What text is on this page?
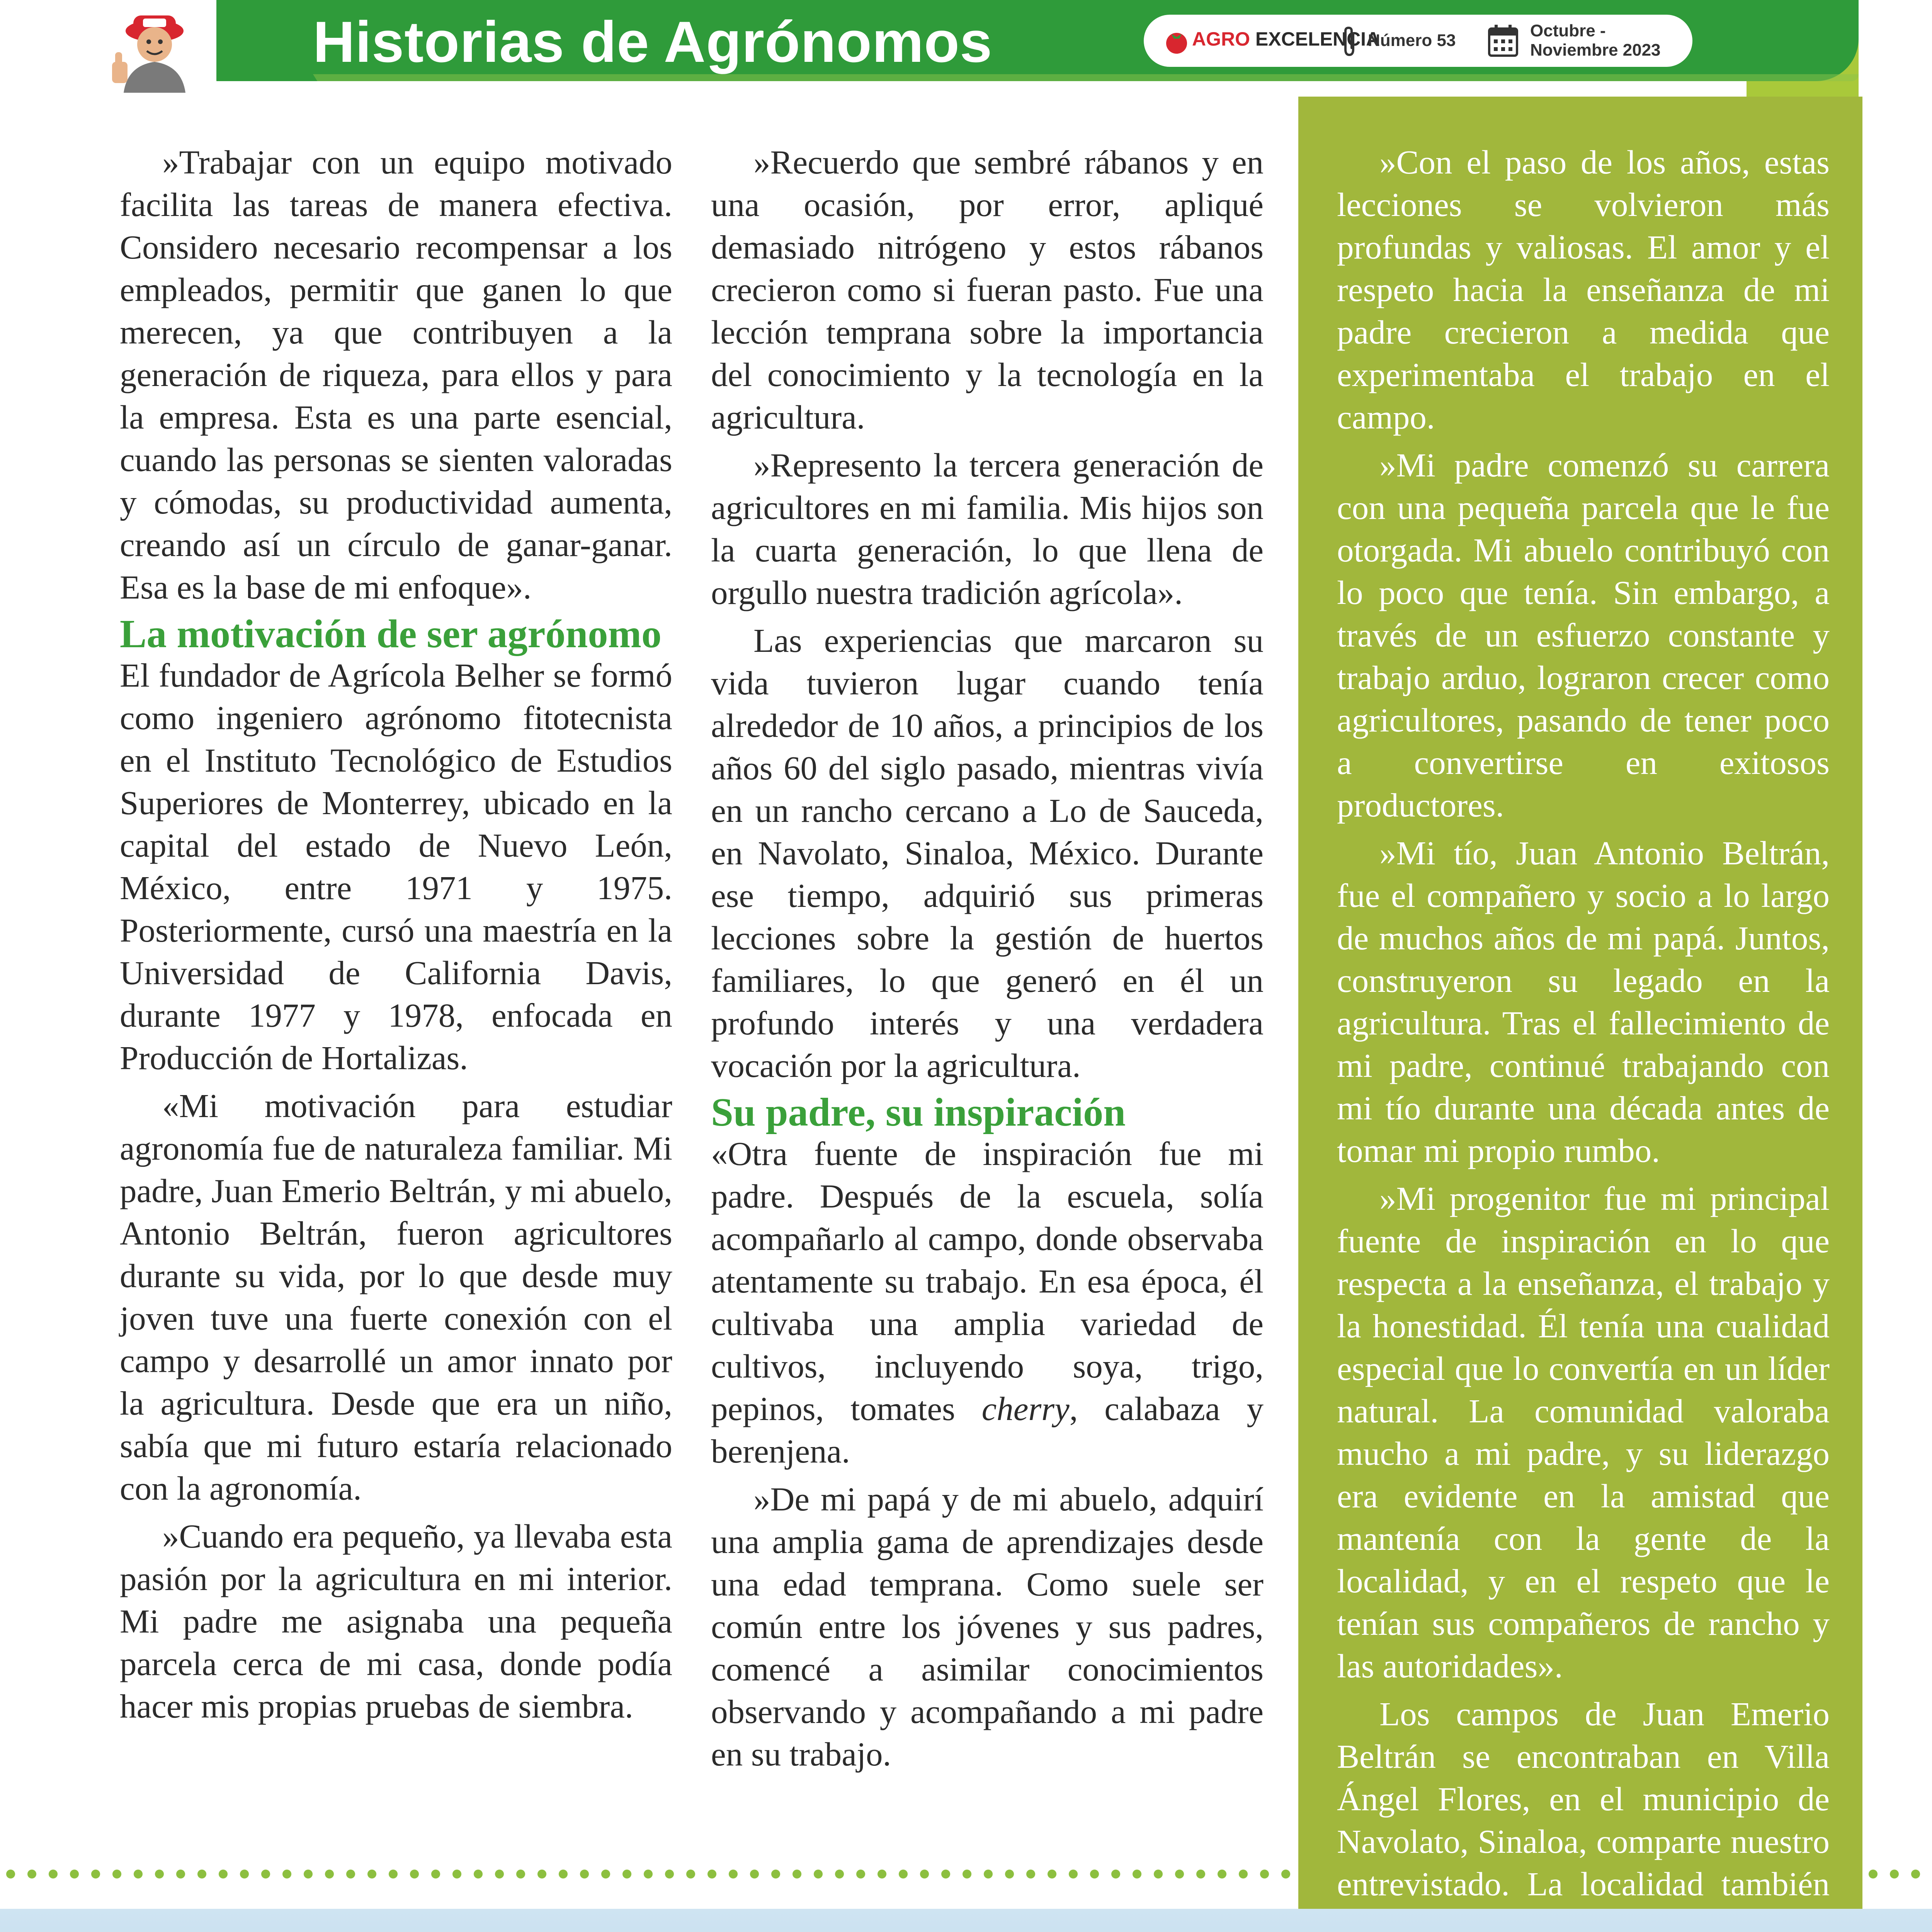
Historias de Agrónomos	AGRO EXCELENCIA
Número 53
Octubre - Noviembre 2023

»Trabajar con un equipo motivado facilita las tareas de manera efectiva. Considero necesario recompensar a los empleados, permitir que ganen lo que merecen, ya que contribuyen a la generación de riqueza, para ellos y para la empresa. Esta es una parte esencial, cuando las personas se sienten valoradas y cómodas, su productividad aumenta, creando así un círculo de ganar-ganar. Esa es la base de mi enfoque».

La motivación de ser agrónomo

El fundador de Agrícola Belher se formó como ingeniero agrónomo fitotecnista en el Instituto Tecnológico de Estudios Superiores de Monterrey, ubicado en la capital del estado de Nuevo León, México, entre 1971 y 1975. Posteriormente, cursó una maestría en la Universidad de California Davis, durante 1977 y 1978, enfocada en Producción de Hortalizas.

«Mi motivación para estudiar agronomía fue de naturaleza familiar. Mi padre, Juan Emerio Beltrán, y mi abuelo, Antonio Beltrán, fueron agricultores durante su vida, por lo que desde muy joven tuve una fuerte conexión con el campo y desarrollé un amor innato por la agricultura. Desde que era un niño, sabía que mi futuro estaría relacionado con la agronomía.

»Cuando era pequeño, ya llevaba esta pasión por la agricultura en mi interior. Mi padre me asignaba una pequeña parcela cerca de mi casa, donde podía hacer mis propias pruebas de siembra.

»Recuerdo que sembré rábanos y en una ocasión, por error, apliqué demasiado nitrógeno y estos rábanos crecieron como si fueran pasto. Fue una lección temprana sobre la importancia del conocimiento y la tecnología en la agricultura.

»Represento la tercera generación de agricultores en mi familia. Mis hijos son la cuarta generación, lo que llena de orgullo nuestra tradición agrícola».

Las experiencias que marcaron su vida tuvieron lugar cuando tenía alrededor de 10 años, a principios de los años 60 del siglo pasado, mientras vivía en un rancho cercano a Lo de Sauceda, en Navolato, Sinaloa, México. Durante ese tiempo, adquirió sus primeras lecciones sobre la gestión de huertos familiares, lo que generó en él un profundo interés y una verdadera vocación por la agricultura.

Su padre, su inspiración

«Otra fuente de inspiración fue mi padre. Después de la escuela, solía acompañarlo al campo, donde observaba atentamente su trabajo. En esa época, él cultivaba una amplia variedad de cultivos, incluyendo soya, trigo, pepinos, tomates cherry, calabaza y berenjena.

»De mi papá y de mi abuelo, adquirí una amplia gama de aprendizajes desde una edad temprana. Como suele ser común entre los jóvenes y sus padres, comencé a asimilar conocimientos observando y acompañando a mi padre en su trabajo.

»Con el paso de los años, estas lecciones se volvieron más profundas y valiosas. El amor y el respeto hacia la enseñanza de mi padre crecieron a medida que experimentaba el trabajo en el campo.

»Mi padre comenzó su carrera con una pequeña parcela que le fue otorgada. Mi abuelo contribuyó con lo poco que tenía. Sin embargo, a través de un esfuerzo constante y trabajo arduo, lograron crecer como agricultores, pasando de tener poco a convertirse en exitosos productores.

»Mi tío, Juan Antonio Beltrán, fue el compañero y socio a lo largo de muchos años de mi papá. Juntos, construyeron su legado en la agricultura. Tras el fallecimiento de mi padre, continué trabajando con mi tío durante una década antes de tomar mi propio rumbo.

»Mi progenitor fue mi principal fuente de inspiración en lo que respecta a la enseñanza, el trabajo y la honestidad. Él tenía una cualidad especial que lo convertía en un líder natural. La comunidad valoraba mucho a mi padre, y su liderazgo era evidente en la amistad que mantenía con la gente de la localidad, y en el respeto que le tenían sus compañeros de rancho y las autoridades».

Los campos de Juan Emerio Beltrán se encontraban en Villa Ángel Flores, en el municipio de Navolato, Sinaloa, comparte nuestro entrevistado. La localidad también
